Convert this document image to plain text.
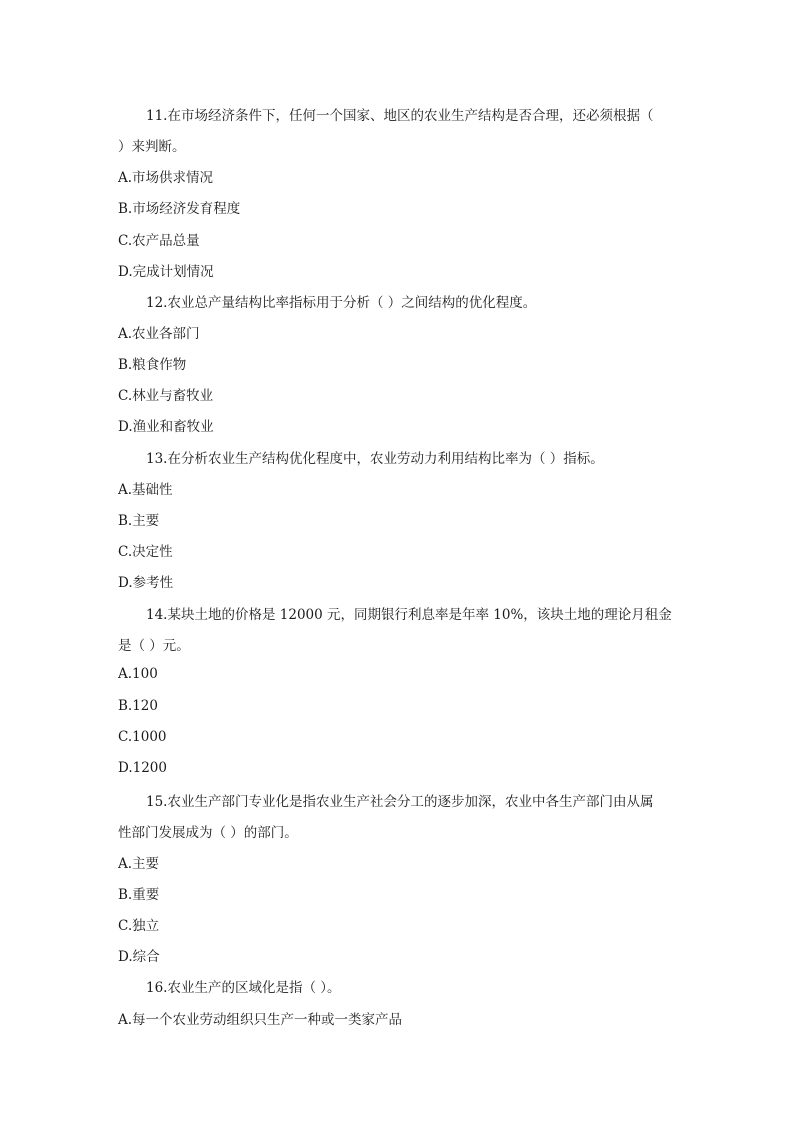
11.在市场经济条件下，任何一个国家、地区的农业生产结构是否合理，还必须根据（
）来判断。
A.市场供求情况
B.市场经济发育程度
C.农产品总量
D.完成计划情况
12.农业总产量结构比率指标用于分析（ ）之间结构的优化程度。
A.农业各部门
B.粮食作物
C.林业与畜牧业
D.渔业和畜牧业
13.在分析农业生产结构优化程度中，农业劳动力利用结构比率为（ ）指标。
A.基础性
B.主要
C.决定性
D.参考性
14.某块土地的价格是 12000 元，同期银行利息率是年率 10%，该块土地的理论月租金
是（ ）元。
A.100
B.120
C.1000
D.1200
15.农业生产部门专业化是指农业生产社会分工的逐步加深，农业中各生产部门由从属
性部门发展成为（ ）的部门。
A.主要
B.重要
C.独立
D.综合
16.农业生产的区域化是指（ ）。
A.每一个农业劳动组织只生产一种或一类家产品
